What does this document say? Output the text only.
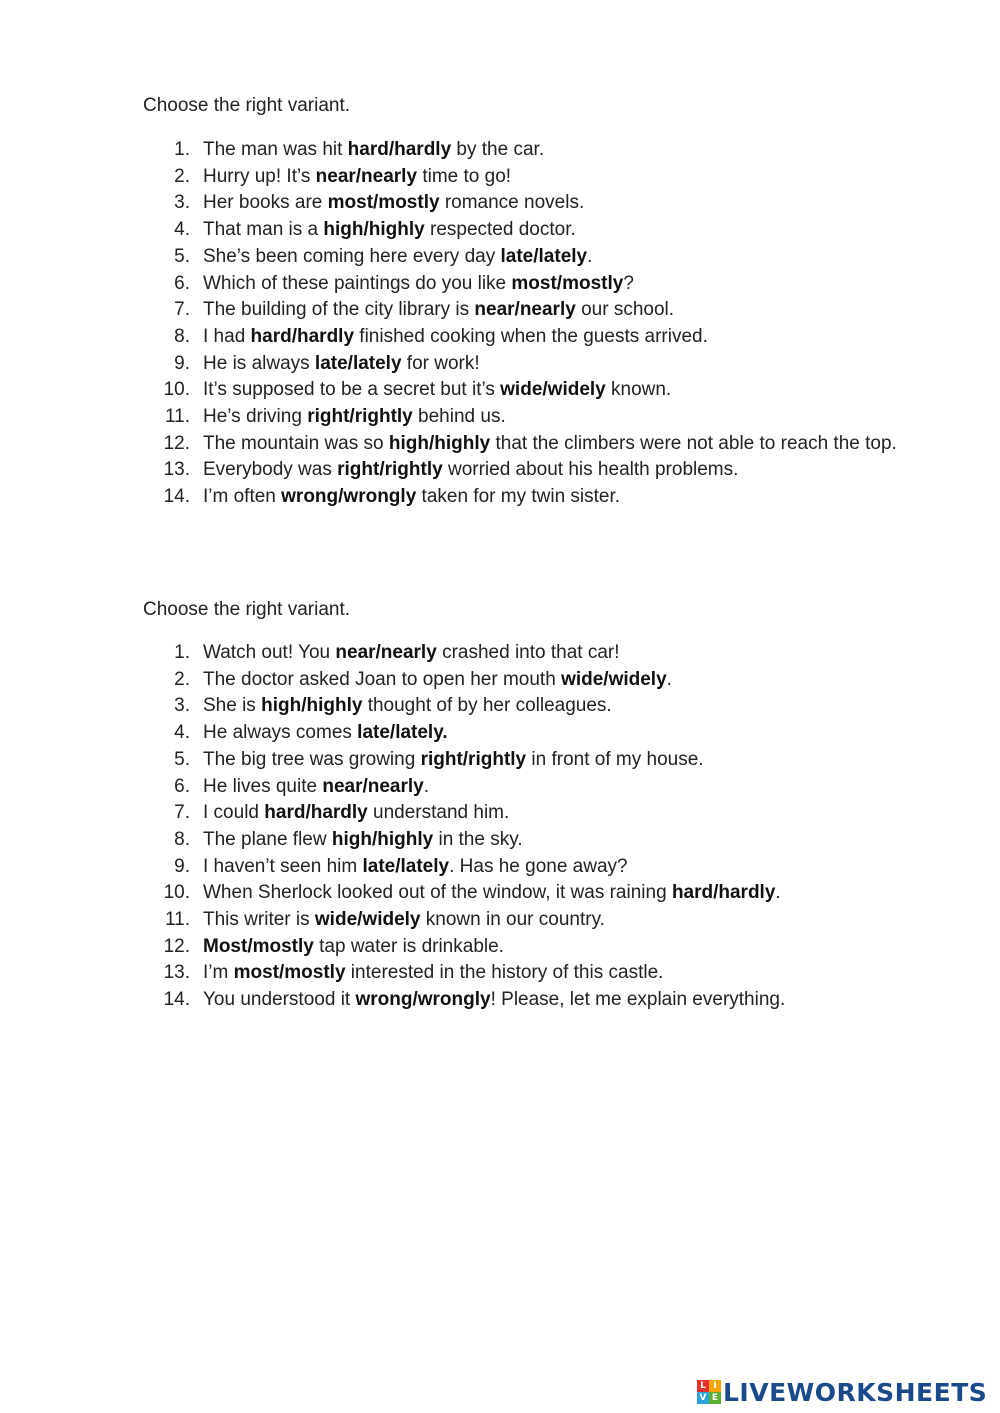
Choose the right variant.

1. The man was hit hard/hardly by the car.
2. Hurry up! It’s near/nearly time to go!
3. Her books are most/mostly romance novels.
4. That man is a high/highly respected doctor.
5. She’s been coming here every day late/lately.
6. Which of these paintings do you like most/mostly?
7. The building of the city library is near/nearly our school.
8. I had hard/hardly finished cooking when the guests arrived.
9. He is always late/lately for work!
10. It’s supposed to be a secret but it’s wide/widely known.
11. He’s driving right/rightly behind us.
12. The mountain was so high/highly that the climbers were not able to reach the top.
13. Everybody was right/rightly worried about his health problems.
14. I’m often wrong/wrongly taken for my twin sister.

Choose the right variant.

1. Watch out! You near/nearly crashed into that car!
2. The doctor asked Joan to open her mouth wide/widely.
3. She is high/highly thought of by her colleagues.
4. He always comes late/lately.
5. The big tree was growing right/rightly in front of my house.
6. He lives quite near/nearly.
7. I could hard/hardly understand him.
8. The plane flew high/highly in the sky.
9. I haven’t seen him late/lately. Has he gone away?
10. When Sherlock looked out of the window, it was raining hard/hardly.
11. This writer is wide/widely known in our country.
12. Most/mostly tap water is drinkable.
13. I’m most/mostly interested in the history of this castle.
14. You understood it wrong/wrongly! Please, let me explain everything.
L I
V E LIVEWORKSHEETS
